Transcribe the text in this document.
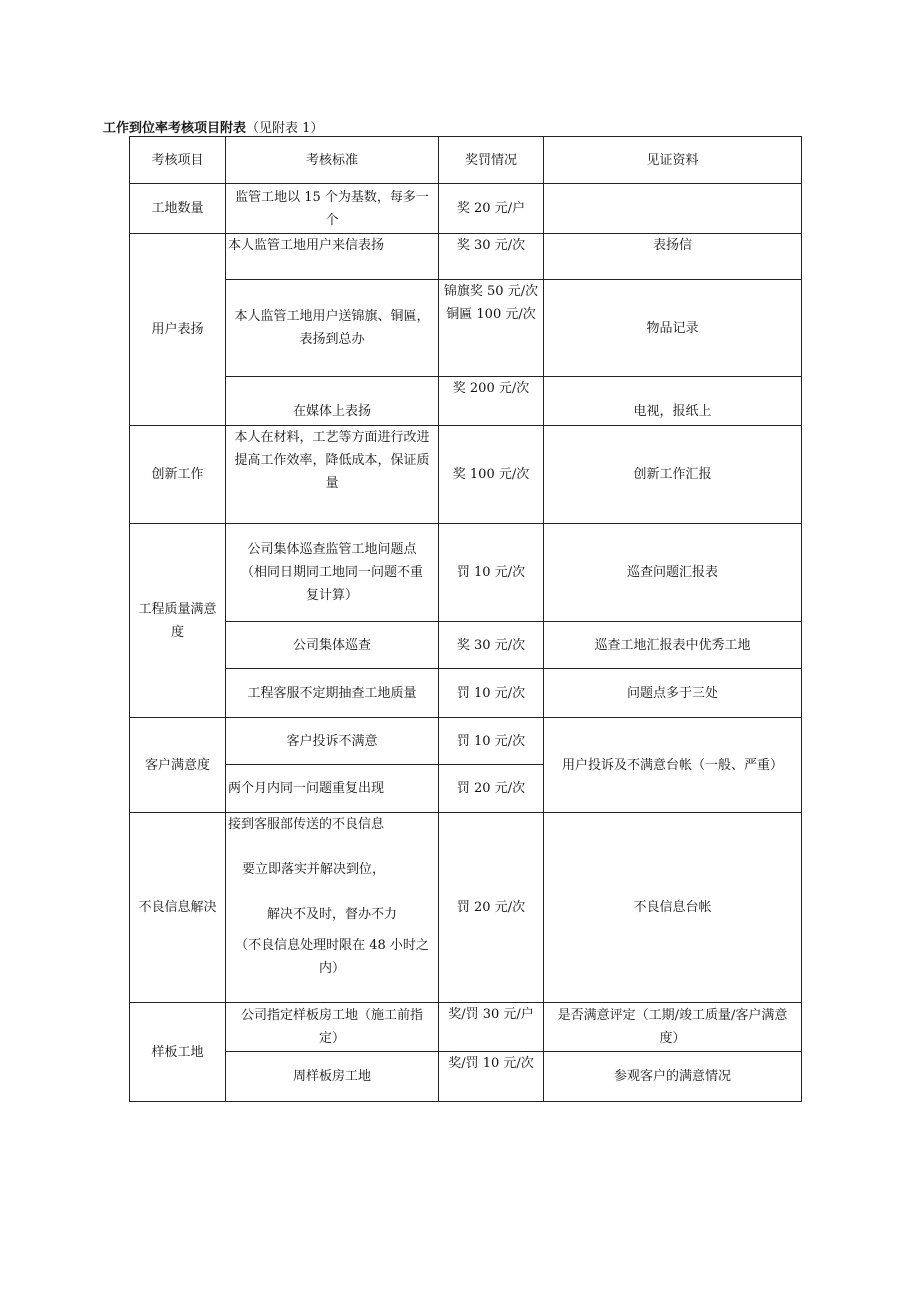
工作到位率考核项目附表（见附表 1）
考核项目	考核标准	奖罚情况	见证资料
工地数量	监管工地以 15 个为基数，每多一
个	奖 20 元/户	
用户表扬	本人监管工地用户来信表扬	奖 30 元/次	表扬信

	本人监管工地用户送锦旗、铜匾，
表扬到总办	锦旗奖 50 元/次
铜匾 100 元/次	物品记录
	在媒体上表扬	奖 200 元/次	电视，报纸上
创新工作	本人在材料，工艺等方面进行改进
提高工作效率，降低成本，保证质
量	奖 100 元/次	创新工作汇报

工程质量满意
度	公司集体巡查监管工地问题点
（相同日期同工地同一问题不重
复计算）	罚 10 元/次	巡查问题汇报表
	公司集体巡查	奖 30 元/次	巡查工地汇报表中优秀工地
	工程客服不定期抽查工地质量	罚 10 元/次	问题点多于三处
客户满意度	客户投诉不满意	罚 10 元/次	用户投诉及不满意台帐（一般、严重）
	两个月内同一问题重复出现	罚 20 元/次	
不良信息解决	接到客服部传送的不良信息
要立即落实并解决到位，
解决不及时，督办不力
（不良信息处理时限在 48 小时之
内）	罚 20 元/次	不良信息台帐
样板工地	公司指定样板房工地（施工前指
定）	奖/罚 30 元/户	是否满意评定（工期/竣工质量/客户满意
度）

	周样板房工地	奖/罚 10 元/次	参观客户的满意情况
